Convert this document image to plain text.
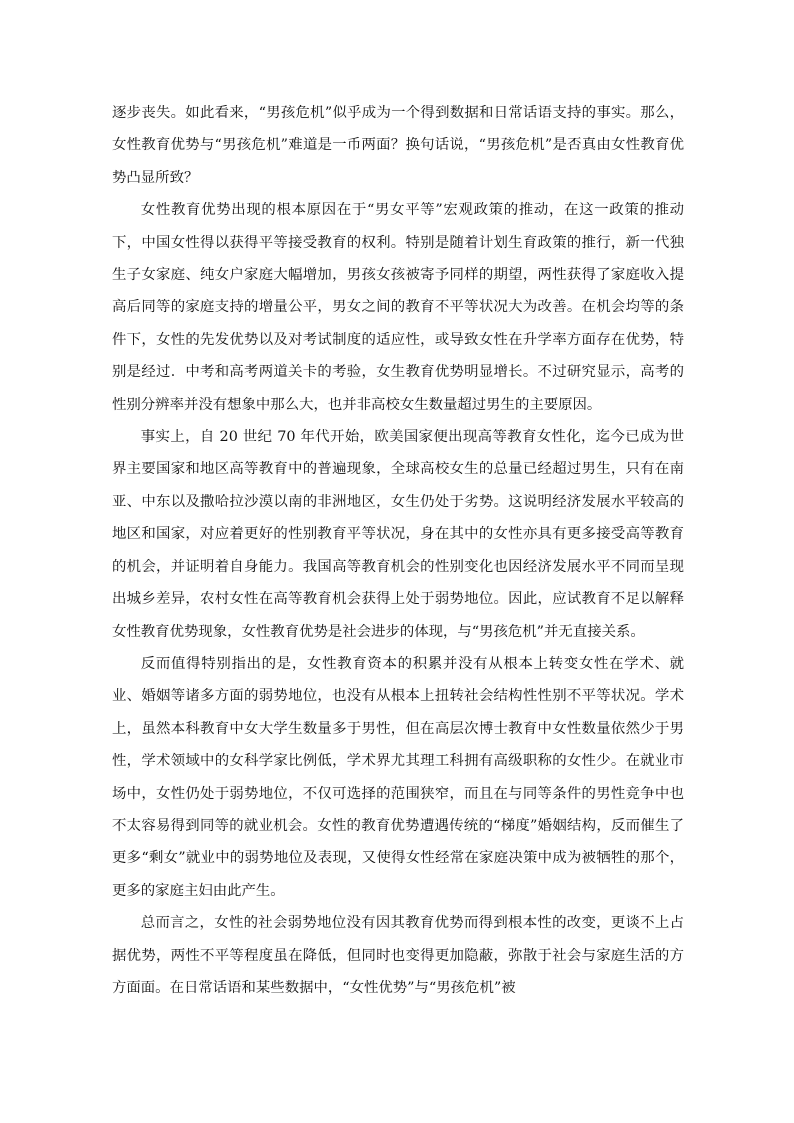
逐步丧失。如此看来，“男孩危机”似乎成为一个得到数据和日常话语支持的事实。那么，女性教育优势与“男孩危机”难道是一币两面？换句话说，“男孩危机”是否真由女性教育优势凸显所致？

女性教育优势出现的根本原因在于“男女平等”宏观政策的推动，在这一政策的推动下，中国女性得以获得平等接受教育的权利。特别是随着计划生育政策的推行，新一代独生子女家庭、纯女户家庭大幅增加，男孩女孩被寄予同样的期望，两性获得了家庭收入提高后同等的家庭支持的增量公平，男女之间的教育不平等状况大为改善。在机会均等的条件下，女性的先发优势以及对考试制度的适应性，或导致女性在升学率方面存在优势，特别是经过．中考和高考两道关卡的考验，女生教育优势明显增长。不过研究显示，高考的性别分辨率并没有想象中那么大，也并非高校女生数量超过男生的主要原因。

事实上，自 20 世纪 70 年代开始，欧美国家便出现高等教育女性化，迄今已成为世界主要国家和地区高等教育中的普遍现象，全球高校女生的总量已经超过男生，只有在南亚、中东以及撒哈拉沙漠以南的非洲地区，女生仍处于劣势。这说明经济发展水平较高的地区和国家，对应着更好的性别教育平等状况，身在其中的女性亦具有更多接受高等教育的机会，并证明着自身能力。我国高等教育机会的性别变化也因经济发展水平不同而呈现出城乡差异，农村女性在高等教育机会获得上处于弱势地位。因此，应试教育不足以解释女性教育优势现象，女性教育优势是社会进步的体现，与“男孩危机”并无直接关系。

反而值得特别指出的是，女性教育资本的积累并没有从根本上转变女性在学术、就业、婚姻等诸多方面的弱势地位，也没有从根本上扭转社会结构性性别不平等状况。学术上，虽然本科教育中女大学生数量多于男性，但在高层次博士教育中女性数量依然少于男性，学术领域中的女科学家比例低，学术界尤其理工科拥有高级职称的女性少。在就业市场中，女性仍处于弱势地位，不仅可选择的范围狭窄，而且在与同等条件的男性竞争中也不太容易得到同等的就业机会。女性的教育优势遭遇传统的“梯度”婚姻结构，反而催生了更多“剩女”就业中的弱势地位及表现，又使得女性经常在家庭决策中成为被牺牲的那个，更多的家庭主妇由此产生。

总而言之，女性的社会弱势地位没有因其教育优势而得到根本性的改变，更谈不上占据优势，两性不平等程度虽在降低，但同时也变得更加隐蔽，弥散于社会与家庭生活的方方面面。在日常话语和某些数据中，“女性优势”与“男孩危机”被
